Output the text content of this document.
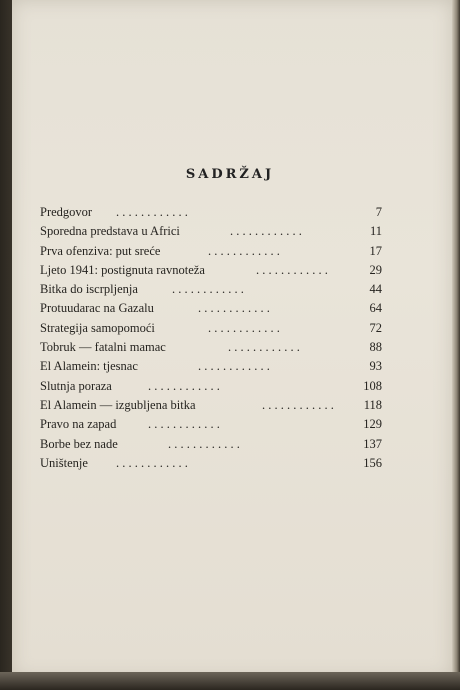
SADRŽAJ
Predgovor . . . . . . . . . . . .	7
Sporedna predstava u Africi	. . . . . . . . . . . .	11
Prva ofenziva: put sreće	. . . . . . . . . . . .	17
Ljeto 1941: postignuta ravnoteža	. . . . . . . . . . . .	29
Bitka do iscrpljenja	. . . . . . . . . . . .	44
Protuudarac na Gazalu	. . . . . . . . . . . .	64
Strategija samopomoći	. . . . . . . . . . . .	72
Tobruk — fatalni mamac	. . . . . . . . . . . .	88
El Alamein: tjesnac	. . . . . . . . . . . .	93
Slutnja poraza	. . . . . . . . . . . .	108
El Alamein — izgubljena bitka	. . . . . . . . . . . . 118
Pravo na zapad	. . . . . . . . . . . .	129
Borbe bez nade	. . . . . . . . . . . .	137
Uništenje . . . . . . . . . . . .	156
